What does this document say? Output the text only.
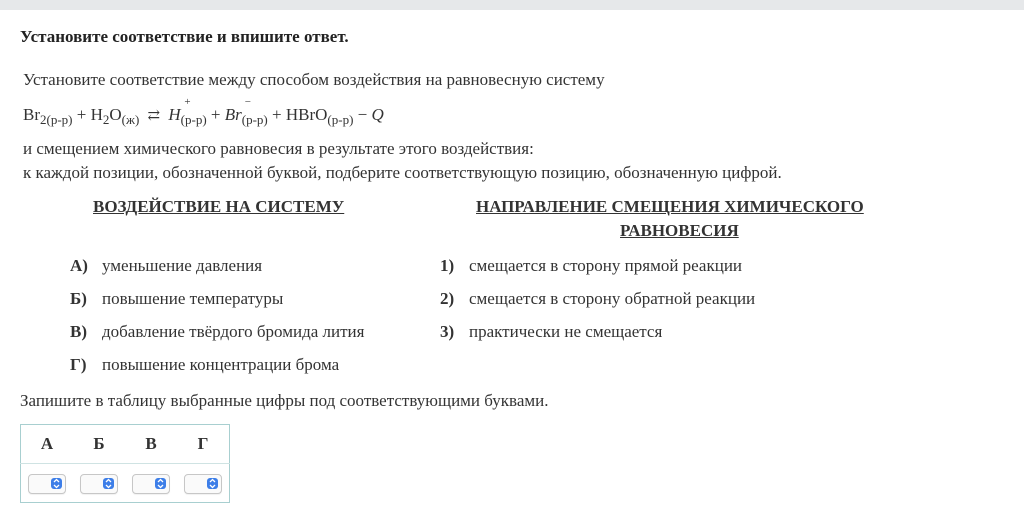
Установите соответствие и впишите ответ.
Установите соответствие между способом воздействия на равновесную систему
$Br_{2(р-р)} + H_2O_{(ж)}$ ⇄ H
+
$_{(р-р)}$ + Br
−
$_{(р-р)}$ + HBrO$_{(р-р)}$ − Q
и смещением химического равновесия в результате этого воздействия:
к каждой позиции, обозначенной буквой, подберите соответствующую позицию, обозначенную цифрой.
ВОЗДЕЙСТВИЕ НА СИСТЕМУ	НАПРАВЛЕНИЕ СМЕЩЕНИЯ ХИМИЧЕСКОГО
РАВНОВЕСИЯ
А) уменьшение давления
Б) повышение температуры
В) добавление твёрдого бромида лития
Г) повышение концентрации брома
1) смещается в сторону прямой реакции
2) смещается в сторону обратной реакции
3) практически не смещается
Запишите в таблицу выбранные цифры под соответствующими буквами.
А	Б	В	Г
